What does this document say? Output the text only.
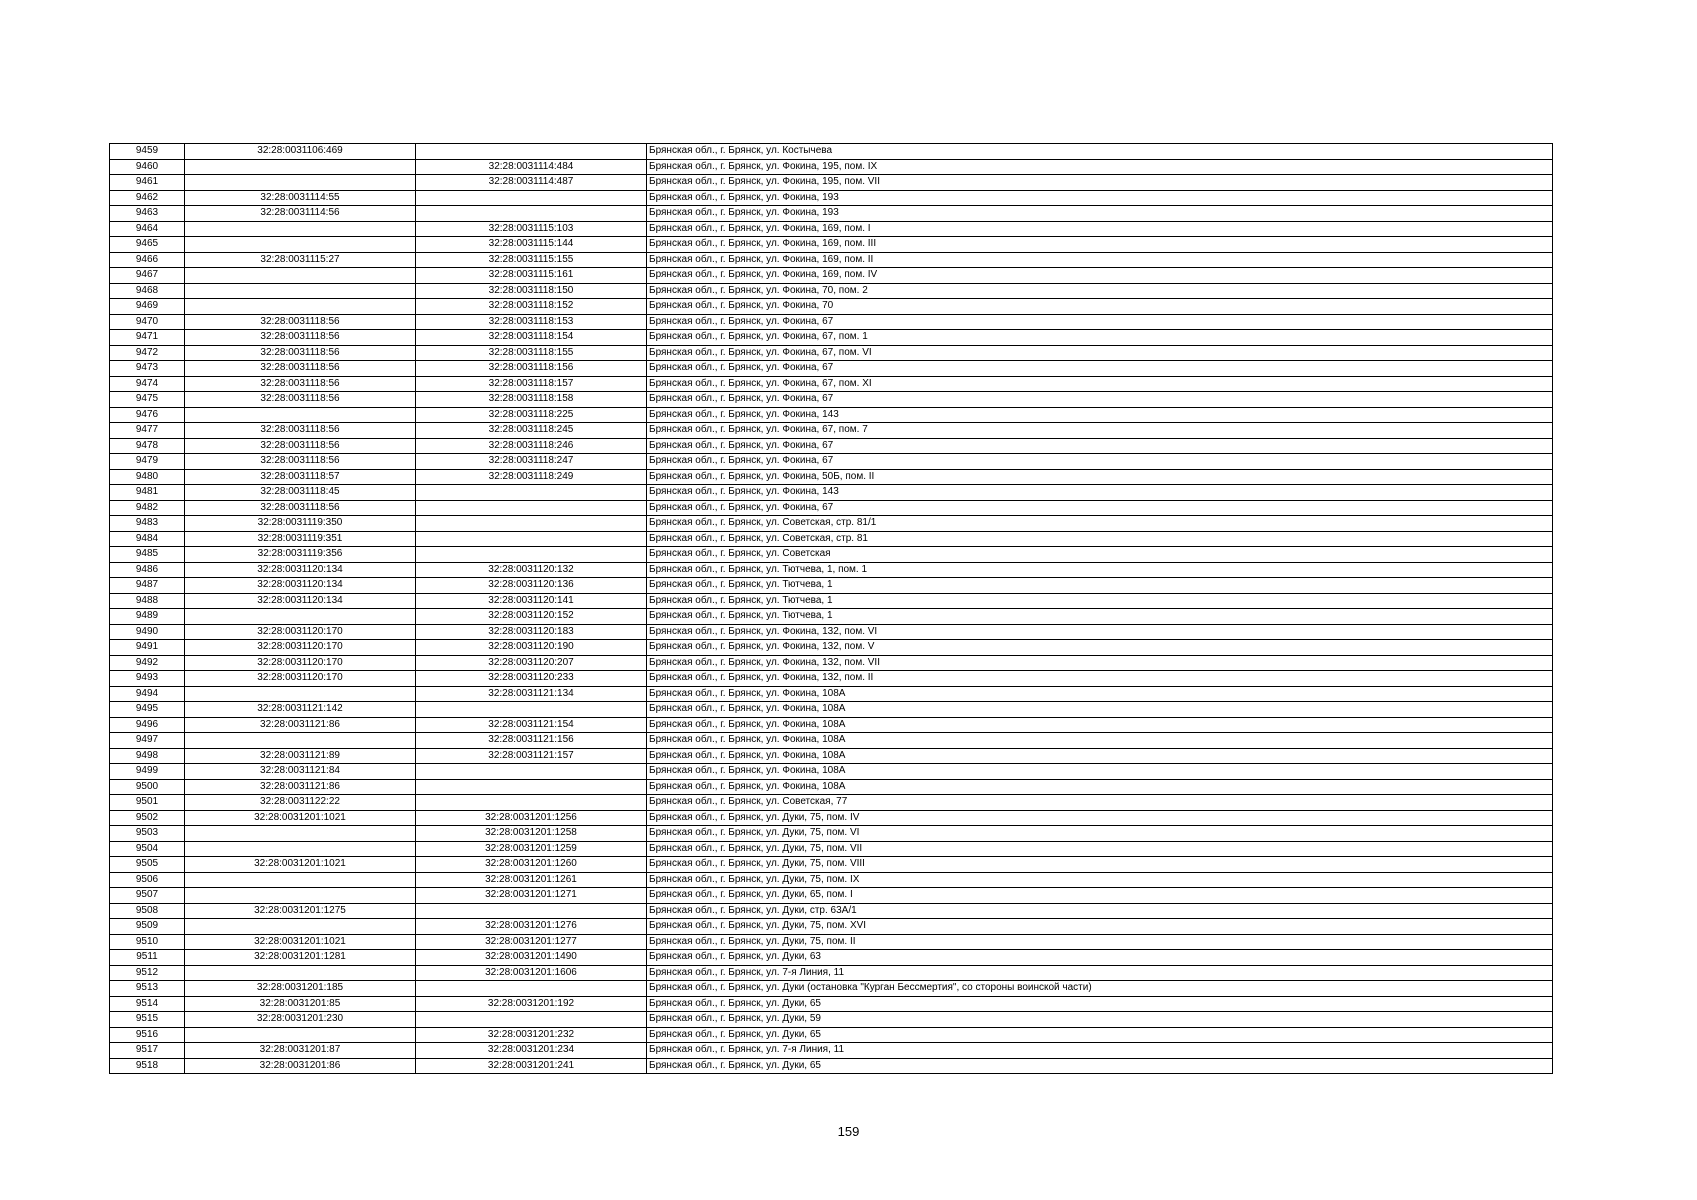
9459	32:28:0031106:469		Брянская обл., г. Брянск, ул. Костычева
9460		32:28:0031114:484	Брянская обл., г. Брянск, ул. Фокина, 195, пом. IX
9461		32:28:0031114:487	Брянская обл., г. Брянск, ул. Фокина, 195, пом. VII
9462	32:28:0031114:55		Брянская обл., г. Брянск, ул. Фокина, 193
9463	32:28:0031114:56		Брянская обл., г. Брянск, ул. Фокина, 193
9464		32:28:0031115:103	Брянская обл., г. Брянск, ул. Фокина, 169, пом. I
9465		32:28:0031115:144	Брянская обл., г. Брянск, ул. Фокина, 169, пом. III
9466	32:28:0031115:27	32:28:0031115:155	Брянская обл., г. Брянск, ул. Фокина, 169, пом. II
9467		32:28:0031115:161	Брянская обл., г. Брянск, ул. Фокина, 169, пом. IV
9468		32:28:0031118:150	Брянская обл., г. Брянск, ул. Фокина, 70, пом. 2
9469		32:28:0031118:152	Брянская обл., г. Брянск, ул. Фокина, 70
9470	32:28:0031118:56	32:28:0031118:153	Брянская обл., г. Брянск, ул. Фокина, 67
9471	32:28:0031118:56	32:28:0031118:154	Брянская обл., г. Брянск, ул. Фокина, 67, пом. 1
9472	32:28:0031118:56	32:28:0031118:155	Брянская обл., г. Брянск, ул. Фокина, 67, пом. VI
9473	32:28:0031118:56	32:28:0031118:156	Брянская обл., г. Брянск, ул. Фокина, 67
9474	32:28:0031118:56	32:28:0031118:157	Брянская обл., г. Брянск, ул. Фокина, 67, пом. XI
9475	32:28:0031118:56	32:28:0031118:158	Брянская обл., г. Брянск, ул. Фокина, 67
9476		32:28:0031118:225	Брянская обл., г. Брянск, ул. Фокина, 143
9477	32:28:0031118:56	32:28:0031118:245	Брянская обл., г. Брянск, ул. Фокина, 67, пом. 7
9478	32:28:0031118:56	32:28:0031118:246	Брянская обл., г. Брянск, ул. Фокина, 67
9479	32:28:0031118:56	32:28:0031118:247	Брянская обл., г. Брянск, ул. Фокина, 67
9480	32:28:0031118:57	32:28:0031118:249	Брянская обл., г. Брянск, ул. Фокина, 50Б, пом. II
9481	32:28:0031118:45		Брянская обл., г. Брянск, ул. Фокина, 143
9482	32:28:0031118:56		Брянская обл., г. Брянск, ул. Фокина, 67
9483	32:28:0031119:350		Брянская обл., г. Брянск, ул. Советская, стр. 81/1
9484	32:28:0031119:351		Брянская обл., г. Брянск, ул. Советская, стр. 81
9485	32:28:0031119:356		Брянская обл., г. Брянск, ул. Советская
9486	32:28:0031120:134	32:28:0031120:132	Брянская обл., г. Брянск, ул. Тютчева, 1, пом. 1
9487	32:28:0031120:134	32:28:0031120:136	Брянская обл., г. Брянск, ул. Тютчева, 1
9488	32:28:0031120:134	32:28:0031120:141	Брянская обл., г. Брянск, ул. Тютчева, 1
9489		32:28:0031120:152	Брянская обл., г. Брянск, ул. Тютчева, 1
9490	32:28:0031120:170	32:28:0031120:183	Брянская обл., г. Брянск, ул. Фокина, 132, пом. VI
9491	32:28:0031120:170	32:28:0031120:190	Брянская обл., г. Брянск, ул. Фокина, 132, пом. V
9492	32:28:0031120:170	32:28:0031120:207	Брянская обл., г. Брянск, ул. Фокина, 132, пом. VII
9493	32:28:0031120:170	32:28:0031120:233	Брянская обл., г. Брянск, ул. Фокина, 132, пом. II
9494		32:28:0031121:134	Брянская обл., г. Брянск, ул. Фокина, 108А
9495	32:28:0031121:142		Брянская обл., г. Брянск, ул. Фокина, 108А
9496	32:28:0031121:86	32:28:0031121:154	Брянская обл., г. Брянск, ул. Фокина, 108А
9497		32:28:0031121:156	Брянская обл., г. Брянск, ул. Фокина, 108А
9498	32:28:0031121:89	32:28:0031121:157	Брянская обл., г. Брянск, ул. Фокина, 108А
9499	32:28:0031121:84		Брянская обл., г. Брянск, ул. Фокина, 108А
9500	32:28:0031121:86		Брянская обл., г. Брянск, ул. Фокина, 108А
9501	32:28:0031122:22		Брянская обл., г. Брянск, ул. Советская, 77
9502	32:28:0031201:1021	32:28:0031201:1256	Брянская обл., г. Брянск, ул. Дуки, 75, пом. IV
9503		32:28:0031201:1258	Брянская обл., г. Брянск, ул. Дуки, 75, пом. VI
9504		32:28:0031201:1259	Брянская обл., г. Брянск, ул. Дуки, 75, пом. VII
9505	32:28:0031201:1021	32:28:0031201:1260	Брянская обл., г. Брянск, ул. Дуки, 75, пом. VIII
9506		32:28:0031201:1261	Брянская обл., г. Брянск, ул. Дуки, 75, пом. IX
9507		32:28:0031201:1271	Брянская обл., г. Брянск, ул. Дуки, 65, пом. I
9508	32:28:0031201:1275		Брянская обл., г. Брянск, ул. Дуки, стр. 63А/1
9509		32:28:0031201:1276	Брянская обл., г. Брянск, ул. Дуки, 75, пом. XVI
9510	32:28:0031201:1021	32:28:0031201:1277	Брянская обл., г. Брянск, ул. Дуки, 75, пом. II
9511	32:28:0031201:1281	32:28:0031201:1490	Брянская обл., г. Брянск, ул. Дуки, 63
9512		32:28:0031201:1606	Брянская обл., г. Брянск, ул. 7-я Линия, 11
9513	32:28:0031201:185		Брянская обл., г. Брянск, ул. Дуки (остановка "Курган Бессмертия", со стороны воинской части)
9514	32:28:0031201:85	32:28:0031201:192	Брянская обл., г. Брянск, ул. Дуки, 65
9515	32:28:0031201:230		Брянская обл., г. Брянск, ул. Дуки, 59
9516		32:28:0031201:232	Брянская обл., г. Брянск, ул. Дуки, 65
9517	32:28:0031201:87	32:28:0031201:234	Брянская обл., г. Брянск, ул. 7-я Линия, 11
9518	32:28:0031201:86	32:28:0031201:241	Брянская обл., г. Брянск, ул. Дуки, 65
159
